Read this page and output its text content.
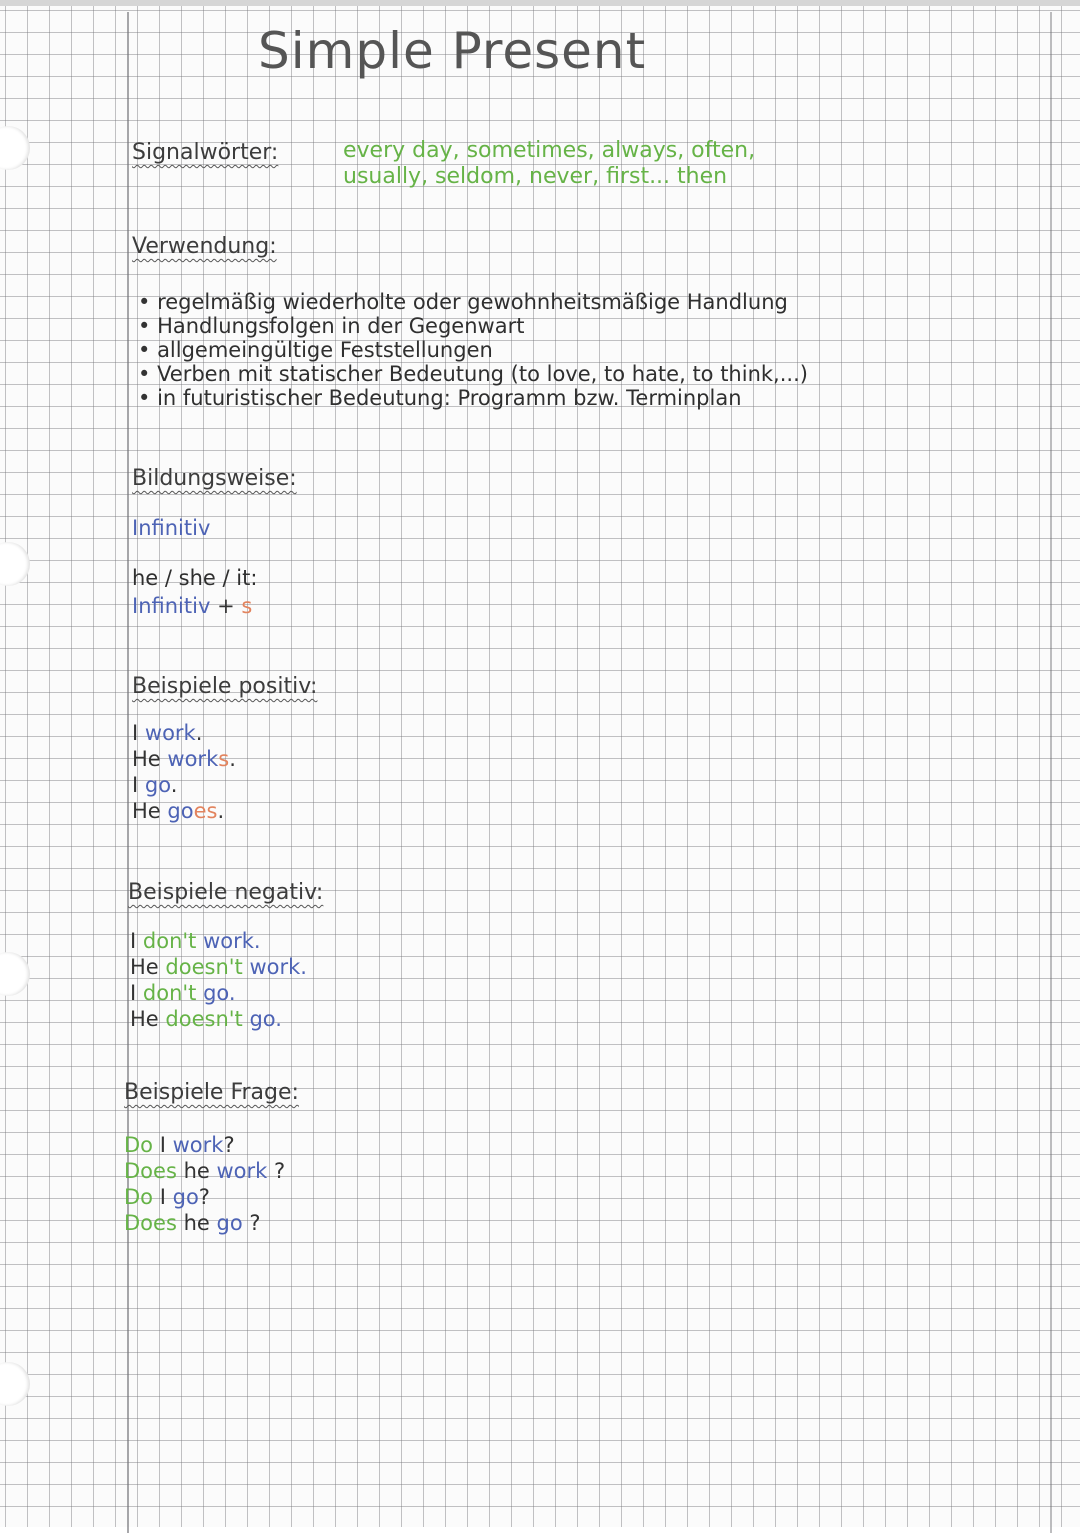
Simple Present
Signalwörter:	every day, sometimes, always, often,
usually, seldom, never, first... then
Verwendung:
• regelmäßig wiederholte oder gewohnheitsmäßige Handlung
• Handlungsfolgen in der Gegenwart
• allgemeingültige Feststellungen
• Verben mit statischer Bedeutung (to love, to hate, to think,...)
• in futuristischer Bedeutung: Programm bzw. Terminplan
Bildungsweise:
Infinitiv
he / she / it:
Infinitiv + s
Beispiele positiv:
I work.
He works.
I go.
He goes.
Beispiele negativ:
I don't work.
He doesn't work.
I don't go.
He doesn't go.
Beispiele Frage:
Do I work?
Does he work ?
Do I go?
Does he go ?
